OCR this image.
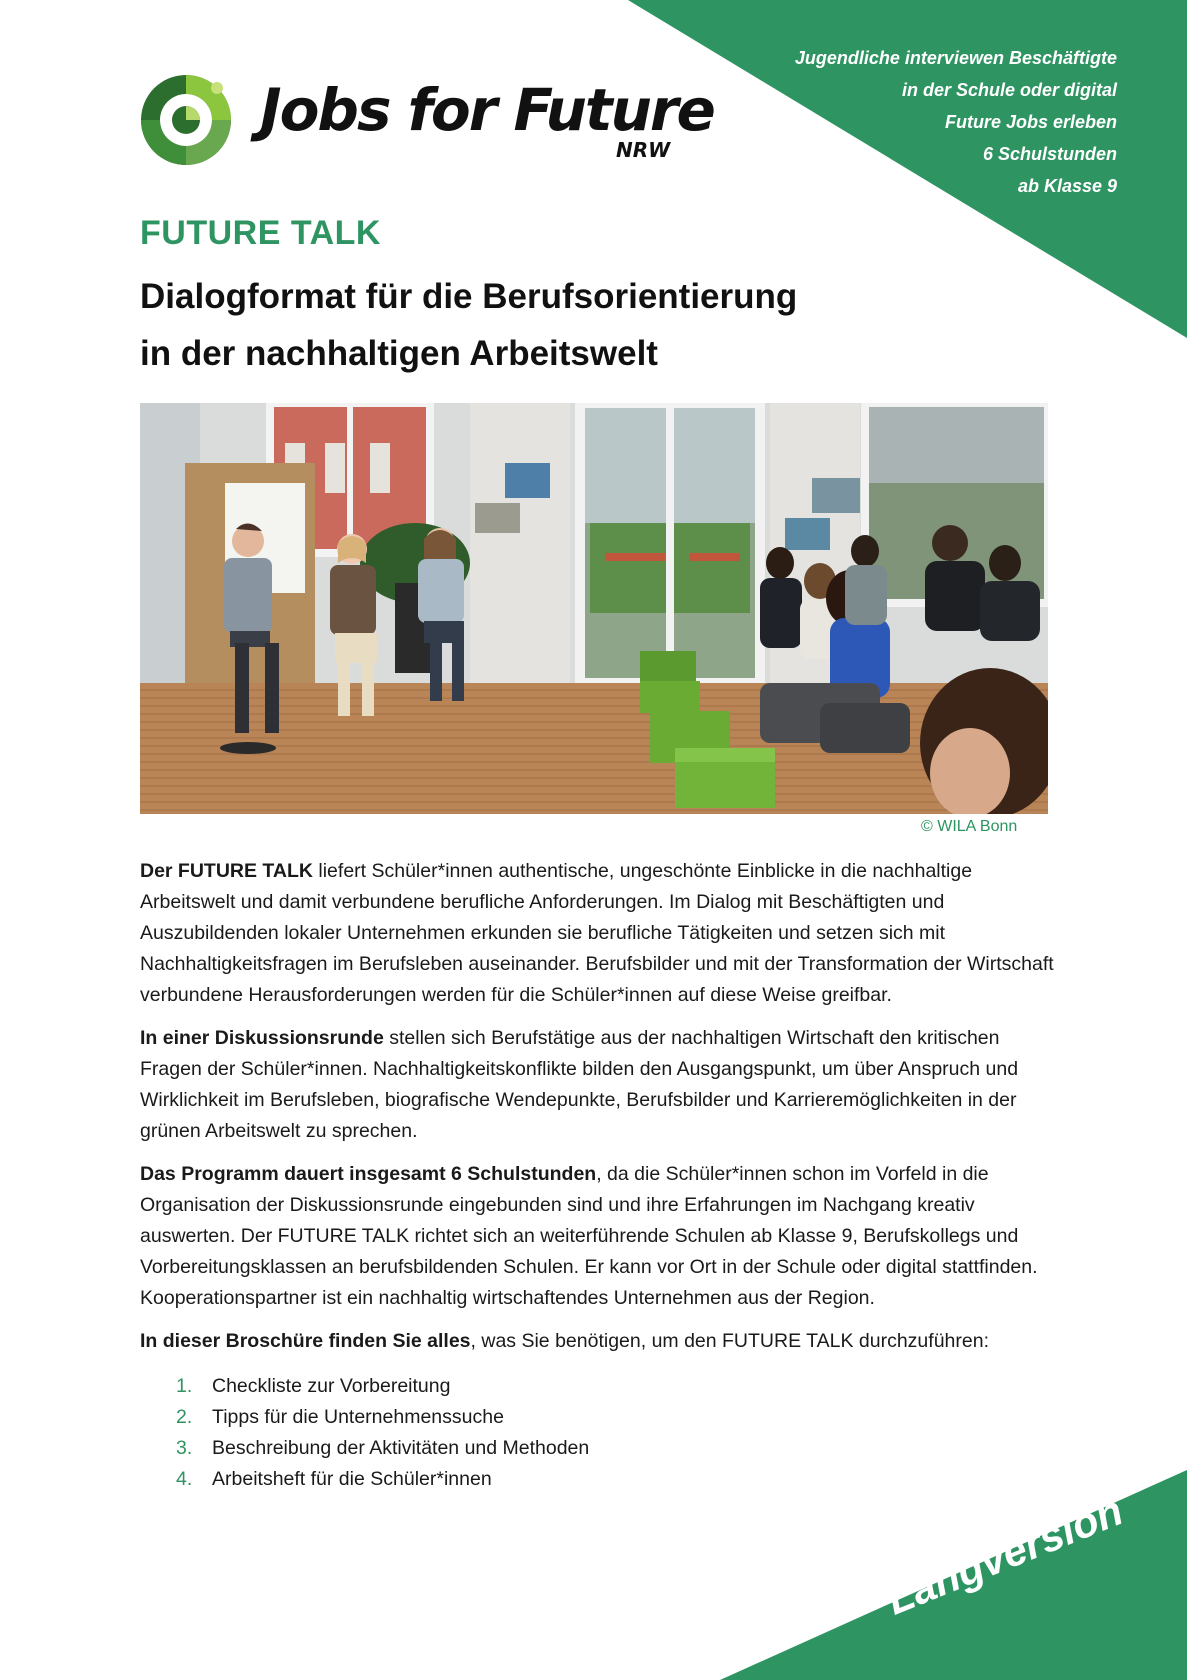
Jugendliche interviewen Beschäftigte
in der Schule oder digital
Future Jobs erleben
6 Schulstunden
ab Klasse 9
Jobs for Future
NRW
FUTURE TALK
Dialogformat für die Berufsorientierung
in der nachhaltigen Arbeitswelt
© WILA Bonn

Der FUTURE TALK liefert Schüler*innen authentische, ungeschönte Einblicke in die nachhaltige Arbeitswelt und damit verbundene berufliche Anforderungen. Im Dialog mit Beschäftigten und Auszubildenden lokaler Unternehmen erkunden sie berufliche Tätigkeiten und setzen sich mit Nachhaltigkeitsfragen im Berufsleben auseinander. Berufsbilder und mit der Transformation der Wirtschaft verbundene Herausforderungen werden für die Schüler*innen auf diese Weise greifbar.

In einer Diskussionsrunde stellen sich Berufstätige aus der nachhaltigen Wirtschaft den kritischen Fragen der Schüler*innen. Nachhaltigkeitskonflikte bilden den Ausgangspunkt, um über Anspruch und Wirklichkeit im Berufsleben, biografische Wendepunkte, Berufsbilder und Karrieremöglichkeiten in der grünen Arbeitswelt zu sprechen.

Das Programm dauert insgesamt 6 Schulstunden, da die Schüler*innen schon im Vorfeld in die Organisation der Diskussionsrunde eingebunden sind und ihre Erfahrungen im Nachgang kreativ auswerten. Der FUTURE TALK richtet sich an weiterführende Schulen ab Klasse 9, Berufskollegs und Vorbereitungsklassen an berufsbildenden Schulen. Er kann vor Ort in der Schule oder digital stattfinden. Kooperationspartner ist ein nachhaltig wirtschaftendes Unternehmen aus der Region.

In dieser Broschüre finden Sie alles, was Sie benötigen, um den FUTURE TALK durchzuführen:

1. Checkliste zur Vorbereitung
2. Tipps für die Unternehmenssuche
3. Beschreibung der Aktivitäten und Methoden
4. Arbeitsheft für die Schüler*innen
Langversion
